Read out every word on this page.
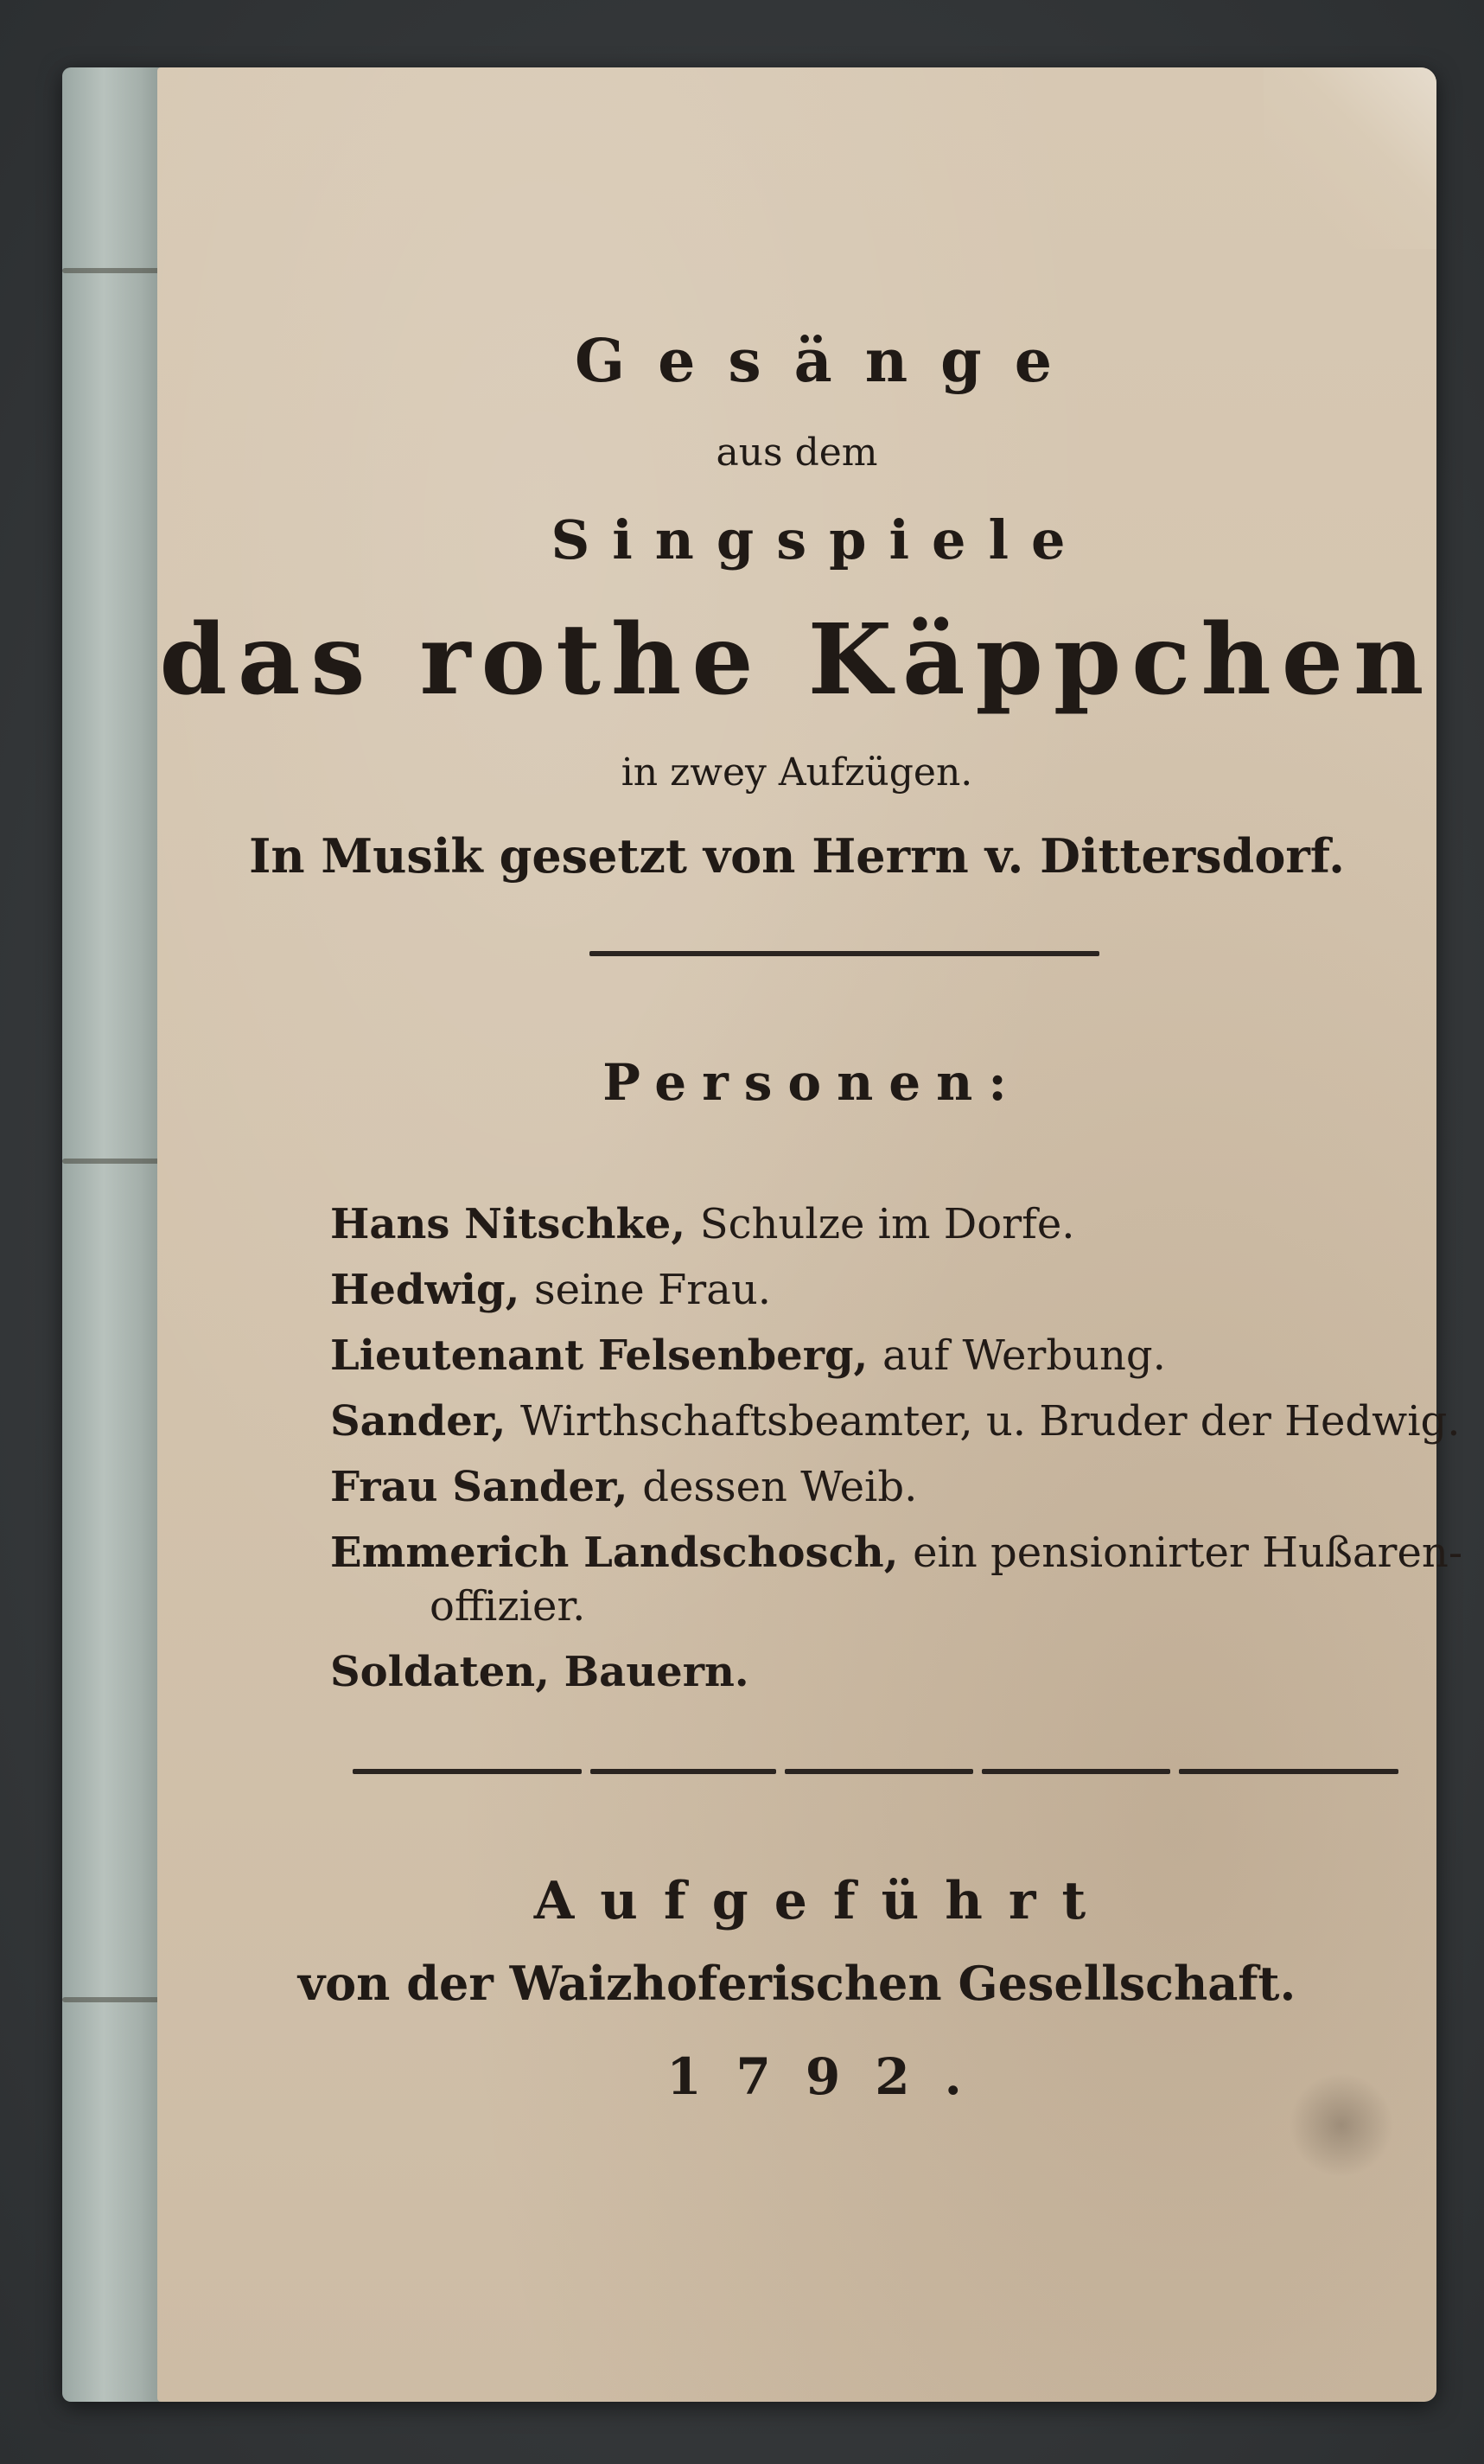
Gesänge
aus dem
Singspiele
das rothe Käppchen
in zwey Aufzügen.
In Musik gesetzt von Herrn v. Dittersdorf.
Personen:
Hans Nitschke, Schulze im Dorfe.
Hedwig, seine Frau.
Lieutenant Felsenberg, auf Werbung.
Sander, Wirthschaftsbeamter, u. Bruder der Hedwig.
Frau Sander, dessen Weib.
Emmerich Landschosch, ein pensionirter Hußaren-
offizier.
Soldaten, Bauern.
Aufgeführt
von der Waizhoferischen Gesellschaft.
1792.
